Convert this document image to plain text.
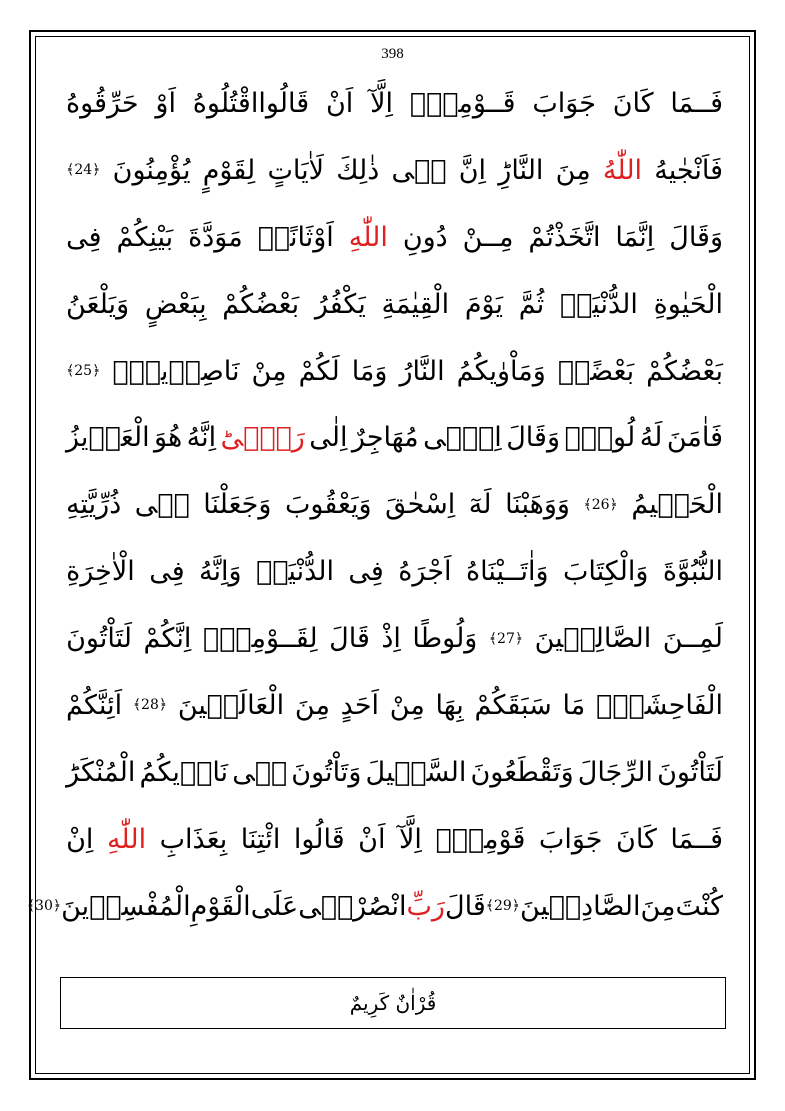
398
فَــمَا
كَانَ
جَوَابَ
قَــوْمِهٖٓ
اِلَّآ
اَنْ
قَالُوااقْتُلُوهُ
اَوْ
حَرِّقُوهُ
فَاَنْجٰيهُ
اللّٰهُ
مِنَ
النَّارِؕ
اِنَّ
فٖى
ذٰلِكَ
لَاٰيَاتٍ
لِقَوْمٍ
يُؤْمِنُونَ
﴿24﴾
وَقَالَ
اِنَّمَا
اتَّخَذْتُمْ
مِــنْ
دُونِ
اللّٰهِ
اَوْثَانًاۙ
مَوَدَّةَ
بَيْنِكُمْ
فِى
الْحَيٰوةِ
الدُّنْيَاۚ
ثُمَّ
يَوْمَ
الْقِيٰمَةِ
يَكْفُرُ
بَعْضُكُمْ
بِبَعْضٍ
وَيَلْعَنُ
بَعْضُكُمْ
بَعْضًاۘ
وَمَاْوٰيكُمُ
النَّارُ
وَمَا
لَكُمْ
مِنْ
نَاصِرٖينَۗ
﴿25﴾
فَاٰمَنَ
لَهُ
لُوطٌۢ
وَقَالَ
اِنّٖى
مُهَاجِرٌ
اِلٰى
رَبّٖىؕ
اِنَّهُ
هُوَ
الْعَزٖيزُ
الْحَكٖيمُ
﴿26﴾
وَوَهَبْنَا
لَهٓ
اِسْحٰقَ
وَيَعْقُوبَ
وَجَعَلْنَا
فٖى
ذُرِّيَّتِهِ
النُّبُوَّةَ
وَالْكِتَابَ
وَاٰتَــيْنَاهُ
اَجْرَهُ
فِى
الدُّنْيَاۚ
وَاِنَّهُ
فِى
الْاٰخِرَةِ
لَمِــنَ
الصَّالِحٖينَ
﴿27﴾
وَلُوطًا
اِذْ
قَالَ
لِقَــوْمِهٖٓ
اِنَّكُمْ
لَتَاْتُونَ
الْفَاحِشَةَۘ
مَا
سَبَقَكُمْ
بِهَا
مِنْ
اَحَدٍ
مِنَ
الْعَالَمٖينَ
﴿28﴾
اَئِنَّكُمْ
لَتَاْتُونَ
الرِّجَالَ
وَتَقْطَعُونَ
السَّبٖيلَ
وَتَاْتُونَ
فٖى
نَادٖيكُمُ
الْمُنْكَرَؕ
فَــمَا
كَانَ
جَوَابَ
قَوْمِهٖٓ
اِلَّآ
اَنْ
قَالُوا
ائْتِنَا
بِعَذَابِ
اللّٰهِ
اِنْ
كُنْتَ
مِنَ
الصَّادِقٖينَ
﴿29﴾
قَالَ
رَبِّ
انْصُرْنٖى
عَلَى
الْقَوْمِ
الْمُفْسِدٖينَ
﴿30﴾
قُرْاٰنٌ كَرِيمٌ
